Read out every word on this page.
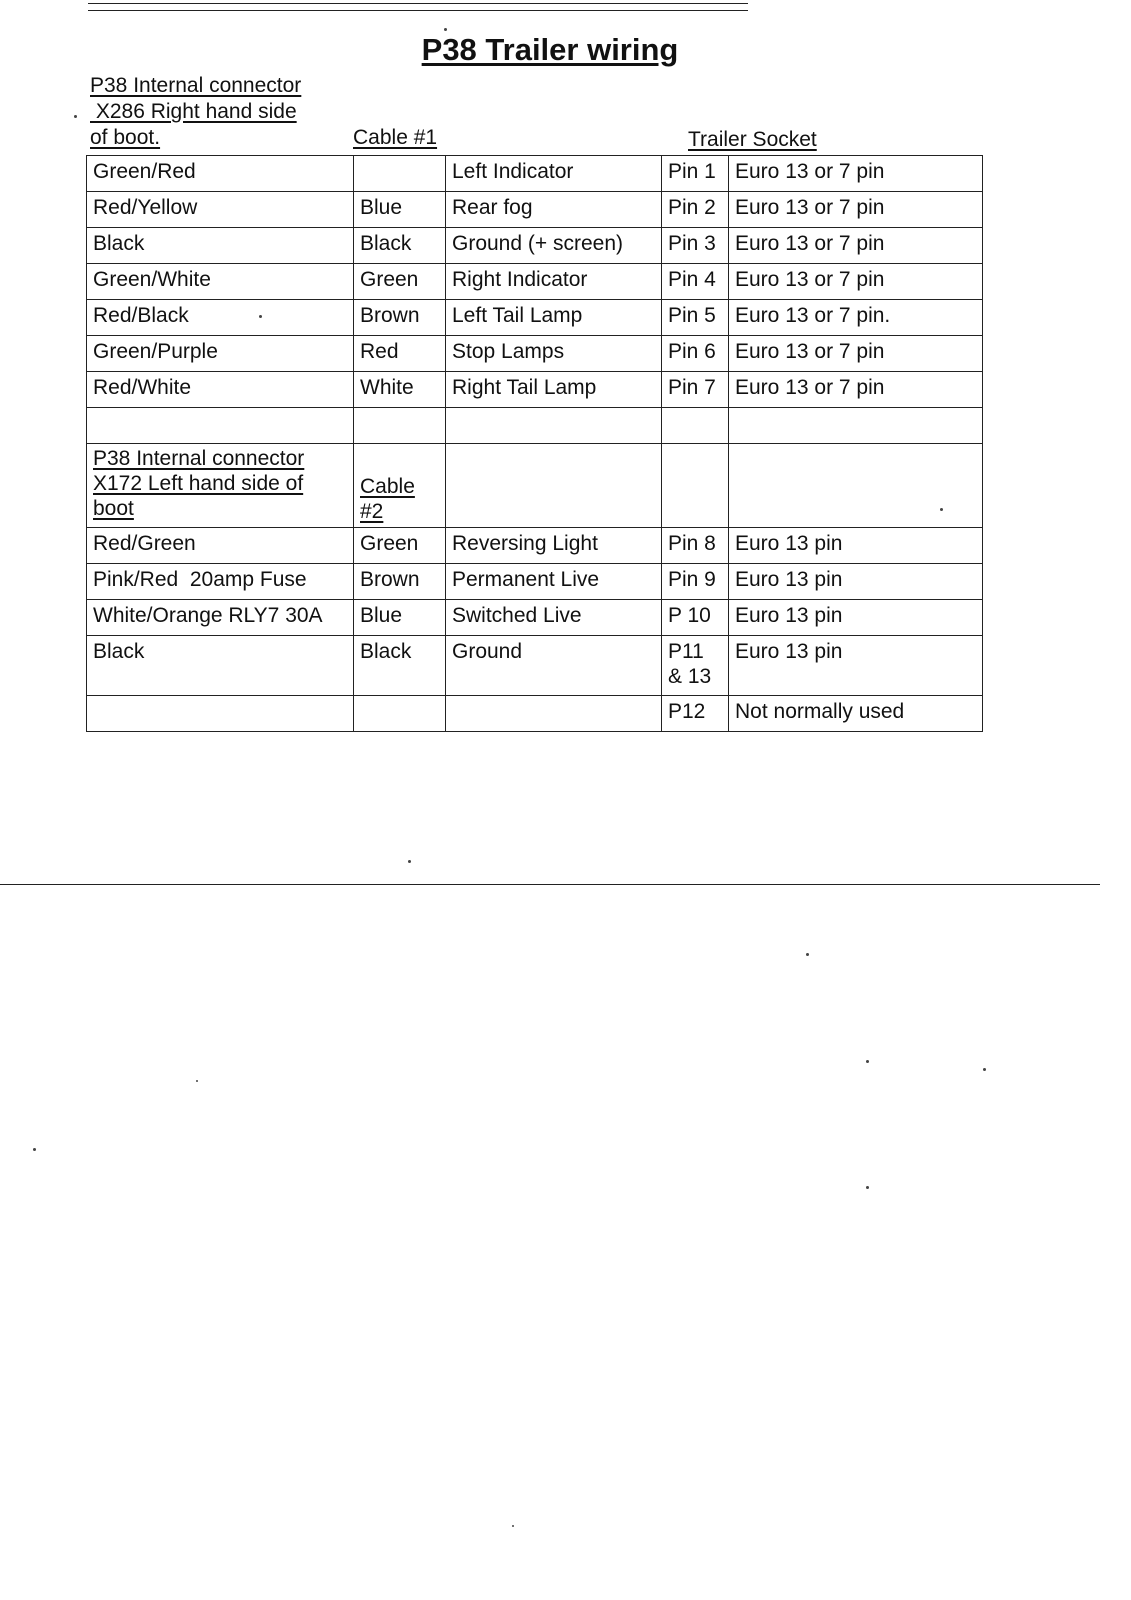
P38 Trailer wiring
P38 Internal connector
X286 Right hand side
of boot.	Cable #1	Trailer Socket
Green/Red		Left Indicator	Pin 1	Euro 13 or 7 pin
Red/Yellow	Blue	Rear fog	Pin 2	Euro 13 or 7 pin
Black	Black	Ground (+ screen)	Pin 3	Euro 13 or 7 pin
Green/White	Green	Right Indicator	Pin 4	Euro 13 or 7 pin
Red/Black	Brown	Left Tail Lamp	Pin 5	Euro 13 or 7 pin.
Green/Purple	Red	Stop Lamps	Pin 6	Euro 13 or 7 pin
Red/White	White	Right Tail Lamp	Pin 7	Euro 13 or 7 pin

P38 Internal connector X172 Left hand side of boot	Cable #2			
Red/Green	Green	Reversing Light	Pin 8	Euro 13 pin
Pink/Red  20amp Fuse	Brown	Permanent Live	Pin 9	Euro 13 pin
White/Orange RLY7 30A	Blue	Switched Live	P 10	Euro 13 pin
Black	Black	Ground	P11 & 13	Euro 13 pin
			P12	Not normally used
